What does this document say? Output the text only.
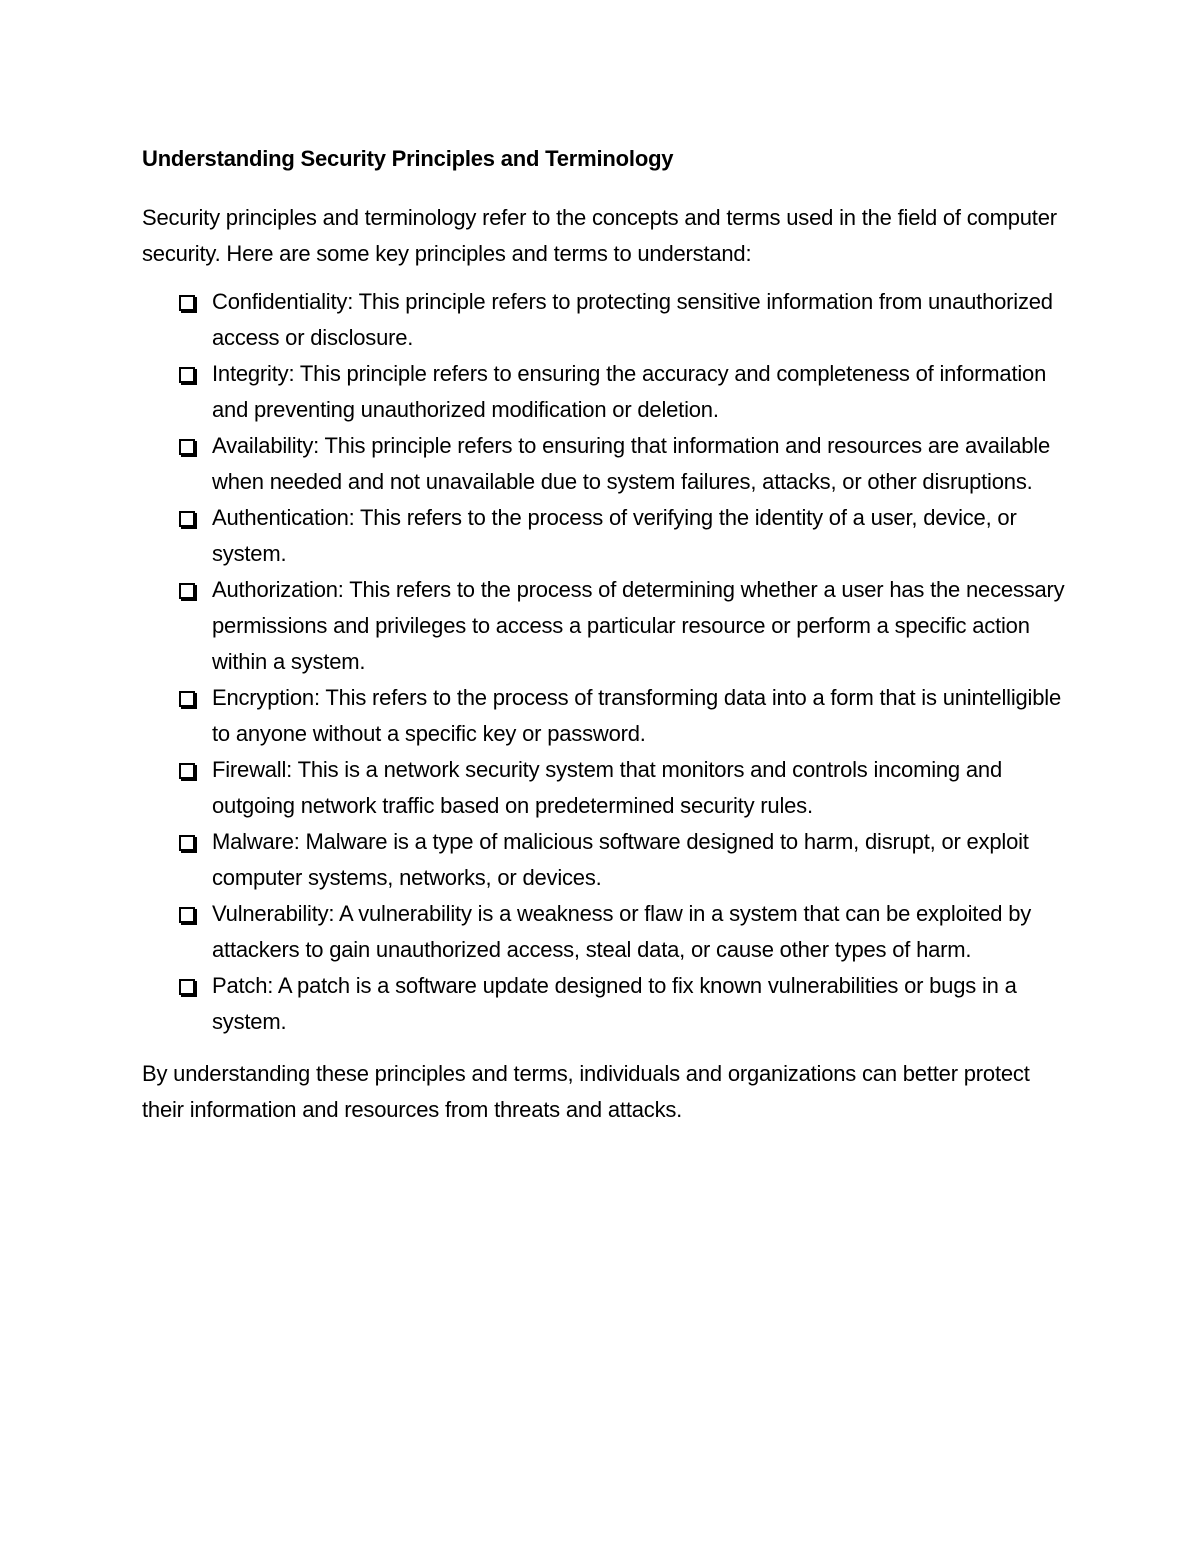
Understanding Security Principles and Terminology

Security principles and terminology refer to the concepts and terms used in the field of computer security. Here are some key principles and terms to understand:

Confidentiality: This principle refers to protecting sensitive information from unauthorized access or disclosure.
Integrity: This principle refers to ensuring the accuracy and completeness of information and preventing unauthorized modification or deletion.
Availability: This principle refers to ensuring that information and resources are available when needed and not unavailable due to system failures, attacks, or other disruptions.
Authentication: This refers to the process of verifying the identity of a user, device, or system.
Authorization: This refers to the process of determining whether a user has the necessary permissions and privileges to access a particular resource or perform a specific action within a system.
Encryption: This refers to the process of transforming data into a form that is unintelligible to anyone without a specific key or password.
Firewall: This is a network security system that monitors and controls incoming and outgoing network traffic based on predetermined security rules.
Malware: Malware is a type of malicious software designed to harm, disrupt, or exploit computer systems, networks, or devices.
Vulnerability: A vulnerability is a weakness or flaw in a system that can be exploited by attackers to gain unauthorized access, steal data, or cause other types of harm.
Patch: A patch is a software update designed to fix known vulnerabilities or bugs in a system.

By understanding these principles and terms, individuals and organizations can better protect their information and resources from threats and attacks.
